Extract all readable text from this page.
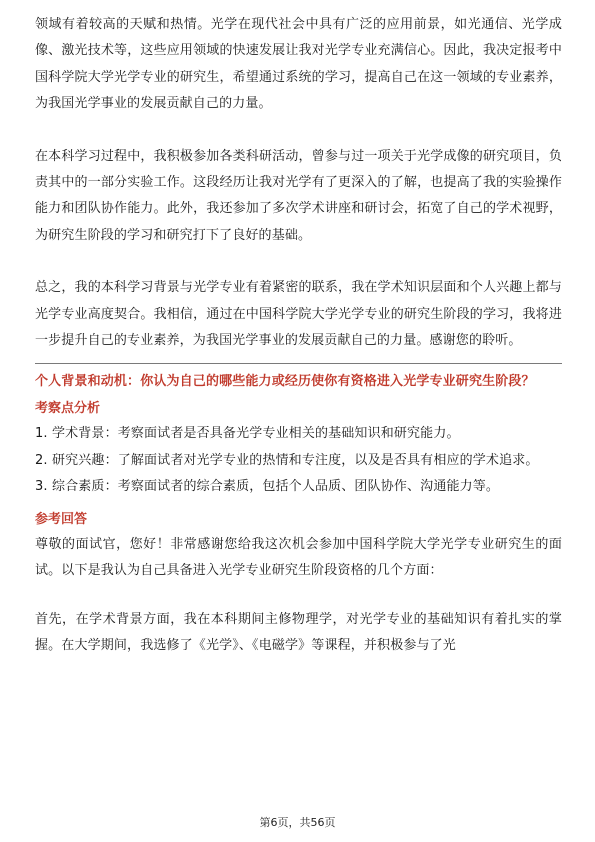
领域有着较高的天赋和热情。光学在现代社会中具有广泛的应用前景，如光通信、光学成像、激光技术等，这些应用领域的快速发展让我对光学专业充满信心。因此，我决定报考中国科学院大学光学专业的研究生，希望通过系统的学习，提高自己在这一领域的专业素养，为我国光学事业的发展贡献自己的力量。

在本科学习过程中，我积极参加各类科研活动，曾参与过一项关于光学成像的研究项目，负责其中的一部分实验工作。这段经历让我对光学有了更深入的了解，也提高了我的实验操作能力和团队协作能力。此外，我还参加了多次学术讲座和研讨会，拓宽了自己的学术视野，为研究生阶段的学习和研究打下了良好的基础。

总之，我的本科学习背景与光学专业有着紧密的联系，我在学术知识层面和个人兴趣上都与光学专业高度契合。我相信，通过在中国科学院大学光学专业的研究生阶段的学习，我将进一步提升自己的专业素养，为我国光学事业的发展贡献自己的力量。感谢您的聆听。

个人背景和动机：你认为自己的哪些能力或经历使你有资格进入光学专业研究生阶段？

考察点分析

1. 学术背景：考察面试者是否具备光学专业相关的基础知识和研究能力。

2. 研究兴趣：了解面试者对光学专业的热情和专注度，以及是否具有相应的学术追求。

3. 综合素质：考察面试者的综合素质，包括个人品质、团队协作、沟通能力等。

参考回答

尊敬的面试官，您好！非常感谢您给我这次机会参加中国科学院大学光学专业研究生的面试。以下是我认为自己具备进入光学专业研究生阶段资格的几个方面：

首先，在学术背景方面，我在本科期间主修物理学，对光学专业的基础知识有着扎实的掌握。在大学期间，我选修了《光学》、《电磁学》等课程，并积极参与了光

第6页，共56页
